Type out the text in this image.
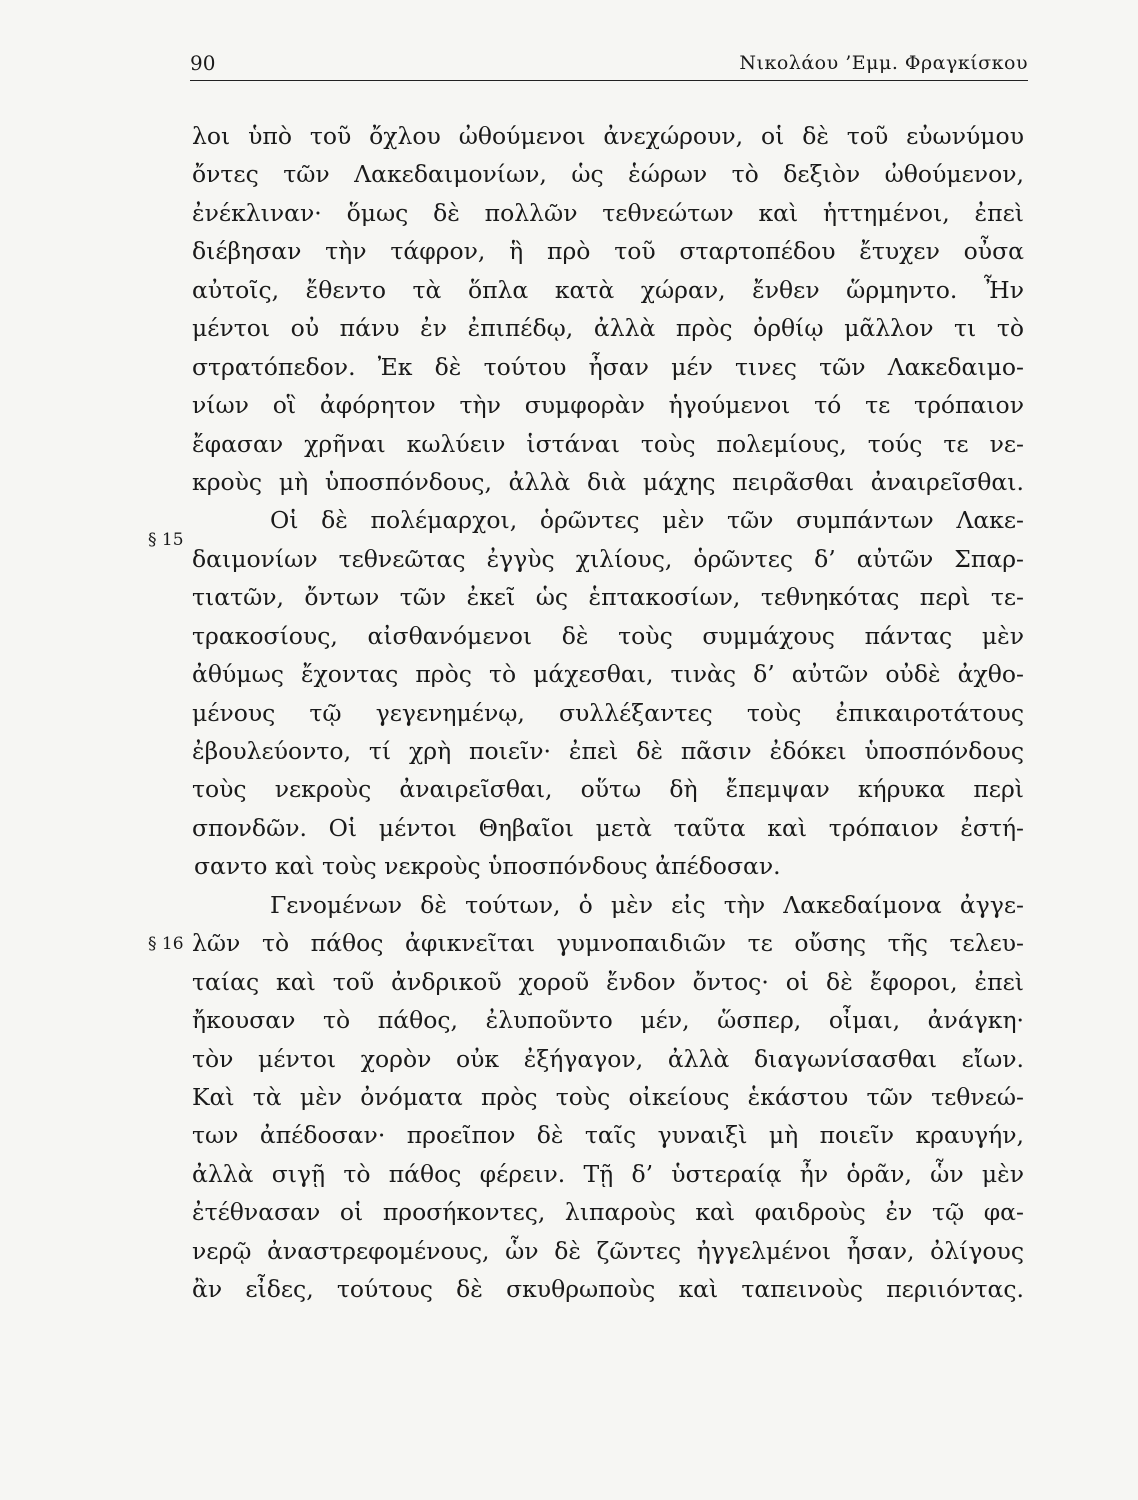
90	Νικολάου ’Εμμ. Φραγκίσκου
§ 15
§ 16
λοι ὑπὸ τοῦ ὄχλου ὠθούμενοι ἀνεχώρουν, οἱ δὲ τοῦ εὐωνύμου
ὄντες τῶν Λακεδαιμονίων, ὡς ἑώρων τὸ δεξιὸν ὠθούμενον,
ἐνέκλιναν· ὅμως δὲ πολλῶν τεθνεώτων καὶ ἡττημένοι, ἐπεὶ
διέβησαν τὴν τάφρον, ἣ πρὸ τοῦ σταρτοπέδου ἔτυχεν οὖσα
αὐτοῖς, ἔθεντο τὰ ὅπλα κατὰ χώραν, ἔνθεν ὥρμηντο. Ἦν
μέντοι οὐ πάνυ ἐν ἐπιπέδῳ, ἀλλὰ πρὸς ὀρθίῳ μᾶλλον τι τὸ
στρατόπεδον. Ἐκ δὲ τούτου ἦσαν μέν τινες τῶν Λακεδαιμο-
νίων οἳ ἀφόρητον τὴν συμφορὰν ἡγούμενοι τό τε τρόπαιον
ἔφασαν χρῆναι κωλύειν ἱστάναι τοὺς πολεμίους, τούς τε νε-
κροὺς μὴ ὑποσπόνδους, ἀλλὰ διὰ μάχης πειρᾶσθαι ἀναιρεῖσθαι.
Οἱ δὲ πολέμαρχοι, ὁρῶντες μὲν τῶν συμπάντων Λακε-
δαιμονίων τεθνεῶτας ἐγγὺς χιλίους, ὁρῶντες δ’ αὐτῶν Σπαρ-
τιατῶν, ὄντων τῶν ἐκεῖ ὡς ἑπτακοσίων, τεθνηκότας περὶ τε-
τρακοσίους, αἰσθανόμενοι δὲ τοὺς συμμάχους πάντας μὲν
ἀθύμως ἔχοντας πρὸς τὸ μάχεσθαι, τινὰς δ’ αὐτῶν οὐδὲ ἀχθο-
μένους τῷ γεγενημένῳ, συλλέξαντες τοὺς ἐπικαιροτάτους
ἐβουλεύοντο, τί χρὴ ποιεῖν· ἐπεὶ δὲ πᾶσιν ἐδόκει ὑποσπόνδους
τοὺς νεκροὺς ἀναιρεῖσθαι, οὕτω δὴ ἔπεμψαν κήρυκα περὶ
σπονδῶν. Οἱ μέντοι Θηβαῖοι μετὰ ταῦτα καὶ τρόπαιον ἐστή-
σαντο καὶ τοὺς νεκροὺς ὑποσπόνδους ἀπέδοσαν.
Γενομένων δὲ τούτων, ὁ μὲν εἰς τὴν Λακεδαίμονα ἀγγε-
λῶν τὸ πάθος ἀφικνεῖται γυμνοπαιδιῶν τε οὔσης τῆς τελευ-
ταίας καὶ τοῦ ἀνδρικοῦ χοροῦ ἔνδον ὄντος· οἱ δὲ ἔφοροι, ἐπεὶ
ἤκουσαν τὸ πάθος, ἐλυποῦντο μέν, ὥσπερ, οἶμαι, ἀνάγκη·
τὸν μέντοι χορὸν οὐκ ἐξήγαγον, ἀλλὰ διαγωνίσασθαι εἴων.
Καὶ τὰ μὲν ὀνόματα πρὸς τοὺς οἰκείους ἑκάστου τῶν τεθνεώ-
των ἀπέδοσαν· προεῖπον δὲ ταῖς γυναιξὶ μὴ ποιεῖν κραυγήν,
ἀλλὰ σιγῇ τὸ πάθος φέρειν. Τῇ δ’ ὑστεραίᾳ ἦν ὁρᾶν, ὧν μὲν
ἐτέθνασαν οἱ προσήκοντες, λιπαροὺς καὶ φαιδροὺς ἐν τῷ φα-
νερῷ ἀναστρεφομένους, ὧν δὲ ζῶντες ἠγγελμένοι ἦσαν, ὀλίγους
ἂν εἶδες, τούτους δὲ σκυθρωποὺς καὶ ταπεινοὺς περιιόντας.
